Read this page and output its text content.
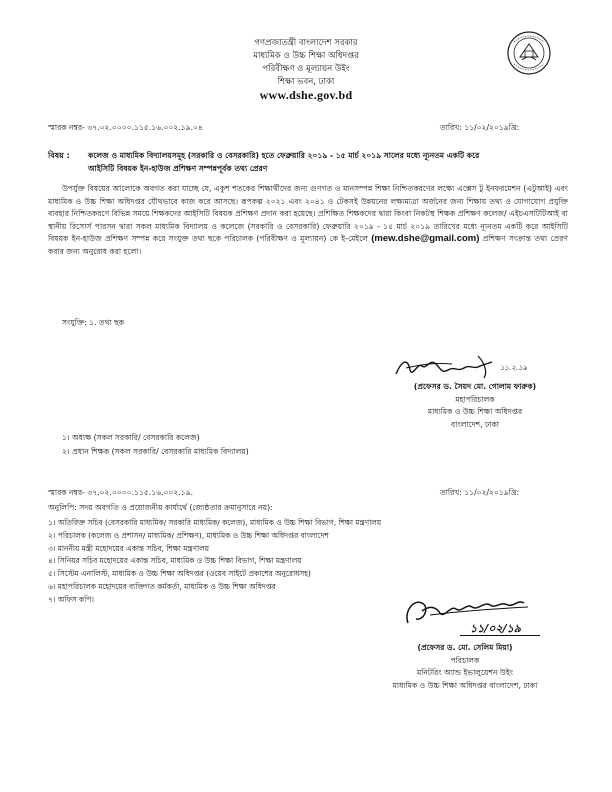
গণপ্রজাতন্ত্রী বাংলাদেশ সরকার
মাধ্যমিক ও উচ্চ শিক্ষা অধিদপ্তর
পরিবীক্ষণ ও মূল্যায়ন উইং
শিক্ষা ভবন, ঢাকা
www.dshe.gov.bd
স্মারক নম্বর- ৩৭.০২.০০০০.১১৫.১৬.০০২.১৯.০৪	তারিখ: ১১/০২/২০১৯খ্রি:
বিষয় : কলেজ ও মাধ্যমিক বিদ্যালয়সমূহ (সরকারি ও বেসরকারি) হতে ফেব্রুয়ারি ২০১৯ - ১৫ মার্চ ২০১৯ সালের মধ্যে ন্যূনতম একটি করে
আইসিটি বিষয়ক ইন-হাউজ প্রশিক্ষণ সম্পন্নপূর্বক তথ্য প্রেরণ
উপর্যুক্ত বিষয়ের আলোকে অবগত করা যাচ্ছে যে, একুশ শতকের শিক্ষার্থীদের জন্য গুণগত ও মানসম্পন্ন শিক্ষা নিশ্চিতকরণের লক্ষ্যে এক্সেস টু ইনফরমেশন (এটুআই) এবং মাধ্যমিক ও উচ্চ শিক্ষা অধিদপ্তর যৌথভাবে কাজ করে আসছে। রূপকল্প ২০২১ এবং ২০৪১ ও টেকসই উন্নয়নের লক্ষ্যমাত্রা অর্জনের জন্য শিক্ষায় তথ্য ও যোগাযোগ প্রযুক্তি ব্যবহার নিশ্চিতকরণে বিভিন্ন সময়ে শিক্ষকদের আইসিটি বিষয়ক প্রশিক্ষণ প্রদান করা হয়েছে। প্রশিক্ষিত শিক্ষকদের দ্বারা কিংবা নিকটস্থ শিক্ষক প্রশিক্ষণ কলেজ/ এইচএসটিটিআই বা স্থানীয় রিসোর্স পারসন দ্বারা সকল মাধ্যমিক বিদ্যালয় ও কলেজে (সরকারি ও বেসরকারি) ফেব্রুয়ারি ২০১৯ - ১৫ মার্চ ২০১৯ তারিখের মধ্যে ন্যূনতম একটি করে আইসিটি বিষয়ক ইন-হাউজ প্রশিক্ষণ সম্পন্ন করে সংযুক্ত তথ্য ছকে পরিচালক (পরিবীক্ষণ ও মূল্যায়ন) কে ই-মেইলে (mew.dshe@gmail.com) প্রশিক্ষণ সংক্রান্ত তথ্য প্রেরণ করার জন্য অনুরোধ করা হলো।
সংযুক্তি: ১. তথ্য ছক
১১.২.১৯
(প্রফেসর ড. সৈয়দ মো. গোলাম ফারুক)
মহাপরিচালক
মাধ্যমিক ও উচ্চ শিক্ষা অধিদপ্তর
বাংলাদেশ, ঢাকা
১। অধ্যক্ষ (সকল সরকারি/ বেসরকারি কলেজ)
২। প্রধান শিক্ষক (সকল সরকারি/ বেসরকারি মাধ্যমিক বিদ্যালয়)
স্মারক নম্বর- ৩৭.০২.০০০০.১১৫.১৬.০০২.১৯.	তারিখ: ১১/০২/২০১৯খ্রি:
অনুলিপি: সদয় অবগতি ও প্রয়োজনীয় কার্যার্থে (জ্যেষ্ঠতার ক্রমানুসারে নয়):
১। অতিরিক্ত সচিব (বেসরকারি মাধ্যমিক/ সরকারি মাধ্যমিক/ কলেজ), মাধ্যমিক ও উচ্চ শিক্ষা বিভাগ, শিক্ষা মন্ত্রণালয়
২। পরিচালক (কলেজ ও প্রশাসন/ মাধ্যমিক/ প্রশিক্ষণ), মাধ্যমিক ও উচ্চ শিক্ষা অধিদপ্তর বাংলাদেশ
৩। মাননীয় মন্ত্রী মহোদয়ের একান্ত সচিব, শিক্ষা মন্ত্রণালয়
৪। সিনিয়র সচিব মহোদয়ের একান্ত সচিব, মাধ্যমিক ও উচ্চ শিক্ষা বিভাগ, শিক্ষা মন্ত্রণালয়
৫। সিস্টেম এনালিস্ট, মাধ্যমিক ও উচ্চ শিক্ষা অধিদপ্তর (ওয়েব সাইটে প্রকাশের অনুরোধসহ)
৬। মহাপরিচালক মহোদয়ের ব্যক্তিগত কর্মকর্তা, মাধ্যমিক ও উচ্চ শিক্ষা অধিদপ্তর
৭। অফিস কপি।
১১/০২/১৯
(প্রফেসর ড. মো. সেলিম মিয়া)
পরিচালক
মনিটরিং অ্যান্ড ইভালুয়েশন উইং
মাধ্যমিক ও উচ্চ শিক্ষা অধিদপ্তর বাংলাদেশ, ঢাকা
